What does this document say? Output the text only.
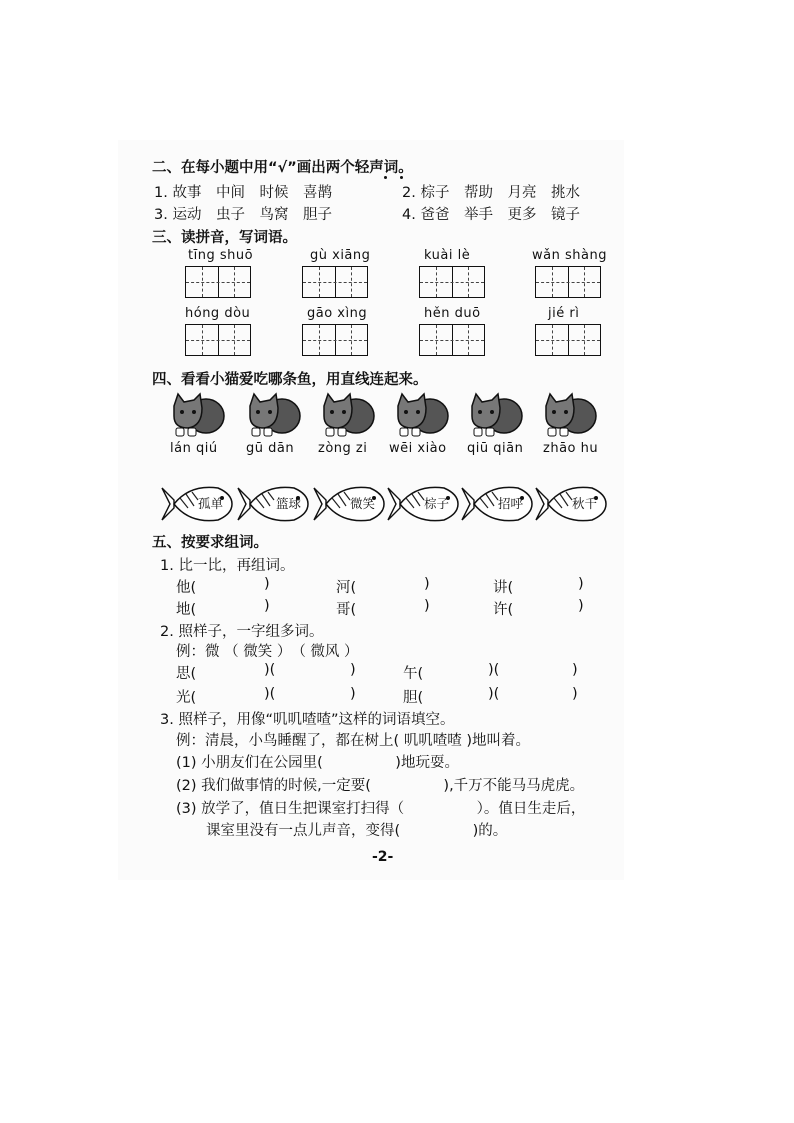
二、在每小题中用“√”画出两个轻声词。
1. 故事　中间　时候　喜鹊	2. 棕子　帮助　月亮　挑水
3. 运动　虫子　鸟窝　胆子	4. 爸爸　举手　更多　镜子
三、读拼音，写词语。
tīng shuō	gù xiāng	kuài lè	wǎn shàng
hóng dòu	gāo xìng	hěn duō	jié rì
四、看看小猫爱吃哪条鱼，用直线连起来。
lán qiú gū dān zòng zi wēi xiào qiū qiān zhāo hu
孤单	篮球	微笑	棕子	招呼	秋千
五、按要求组词。
1. 比一比，再组词。
他(	)	河(	)	讲(	)
地(	)	哥(	)	许(	)
2. 照样子，一字组多词。
例：微 （ 微笑 ）　（ 微风 ）
思(	)(	)	午(	)(	)
光(	)(	)	胆(	)(	)
3. 照样子，用像“叽叽喳喳”这样的词语填空。
例：清晨，小鸟睡醒了，都在树上( 叽叽喳喳 )地叫着。
(1) 小朋友们在公园里(　　　　　)地玩耍。
(2) 我们做事情的时候,一定要(　　　　　),千万不能马马虎虎。
(3) 放学了，值日生把课室打扫得（　　　　　）。值日生走后，
课室里没有一点儿声音，变得(　　　　　)的。
-2-
